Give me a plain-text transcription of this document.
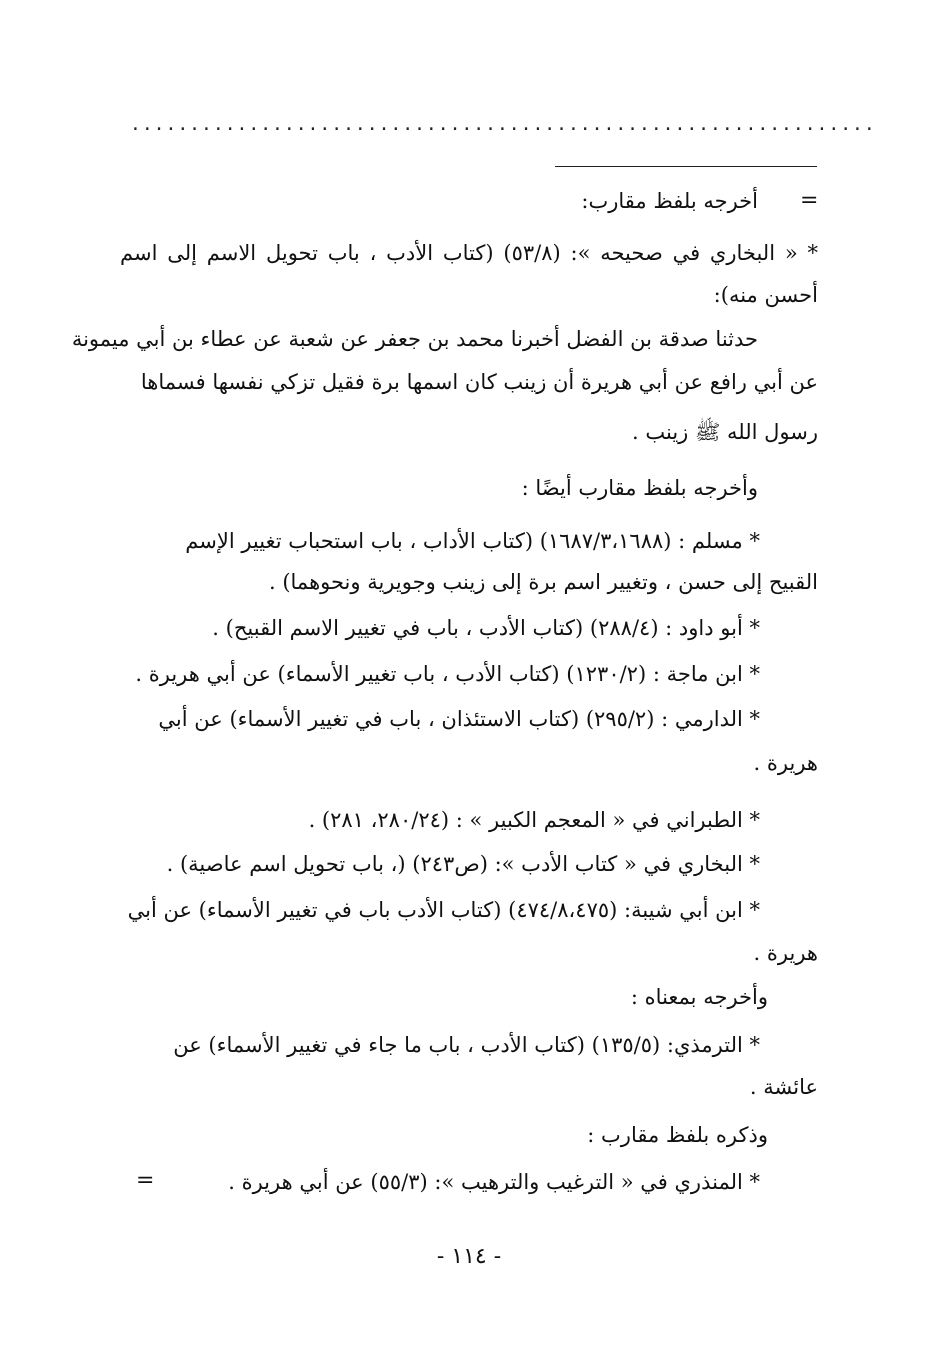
...............................................................
=
أخرجه بلفظ مقارب:
* « البخاري في صحيحه »: (٥٣/٨) (كتاب الأدب ، باب تحويل الاسم إلى اسم
أحسن منه):
حدثنا صدقة بن الفضل أخبرنا محمد بن جعفر عن شعبة عن عطاء بن أبي ميمونة
عن أبي رافع عن أبي هريرة أن زينب كان اسمها برة فقيل تزكي نفسها فسماها
رسول الله ﷺ زينب .
وأخرجه بلفظ مقارب أيضًا :
* مسلم : (١٦٨٧/٣،١٦٨٨) (كتاب الأداب ، باب استحباب تغيير الإسم
القبيح إلى حسن ، وتغيير اسم برة إلى زينب وجويرية ونحوهما) .
* أبو داود : (٢٨٨/٤) (كتاب الأدب ، باب في تغيير الاسم القبيح) .
* ابن ماجة : (١٢٣٠/٢) (كتاب الأدب ، باب تغيير الأسماء) عن أبي هريرة .
* الدارمي : (٢٩٥/٢) (كتاب الاستئذان ، باب في تغيير الأسماء) عن أبي
هريرة .
* الطبراني في « المعجم الكبير » : (٢٨٠/٢٤، ٢٨١) .
* البخاري في « كتاب الأدب »: (ص٢٤٣) (، باب تحويل اسم عاصية) .
* ابن أبي شيبة: (٤٧٤/٨،٤٧٥) (كتاب الأدب باب في تغيير الأسماء) عن أبي
هريرة .
وأخرجه بمعناه :
* الترمذي: (١٣٥/٥) (كتاب الأدب ، باب ما جاء في تغيير الأسماء) عن
عائشة .
وذكره بلفظ مقارب :
* المنذري في « الترغيب والترهيب »: (٥٥/٣) عن أبي هريرة .
=
- ١١٤ -
